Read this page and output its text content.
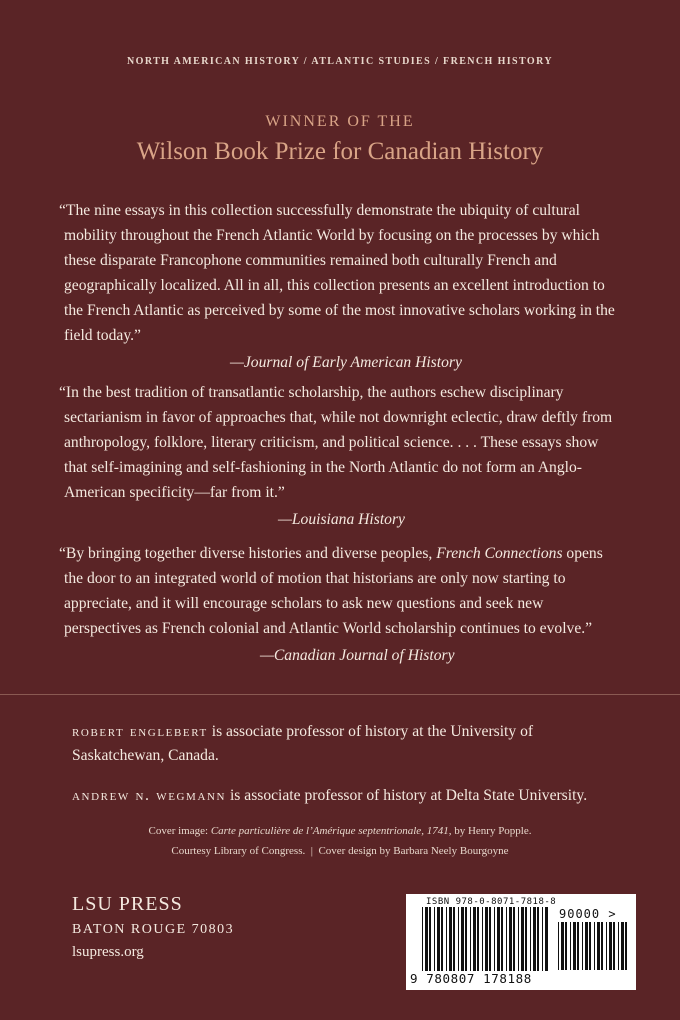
NORTH AMERICAN HISTORY / ATLANTIC STUDIES / FRENCH HISTORY
WINNER OF THE
Wilson Book Prize for Canadian History

“The nine essays in this collection successfully demonstrate the ubiquity of cultural mobility throughout the French Atlantic World by focusing on the processes by which these disparate Francophone communities remained both culturally French and geographically localized. All in all, this collection presents an excellent introduction to the French Atlantic as perceived by some of the most innovative scholars working in the field today.”

—Journal of Early American History

“In the best tradition of transatlantic scholarship, the authors eschew disciplinary sectarianism in favor of approaches that, while not downright eclectic, draw deftly from anthropology, folklore, literary criticism, and political science. . . . These essays show that self-imagining and self-fashioning in the North Atlantic do not form an Anglo-American specificity—far from it.”

—Louisiana History

“By bringing together diverse histories and diverse peoples, French Connections opens the door to an integrated world of motion that historians are only now starting to appreciate, and it will encourage scholars to ask new questions and seek new perspectives as French colonial and Atlantic World scholarship continues to evolve.”

—Canadian Journal of History
robert englebert is associate professor of history at the University of Saskatchewan, Canada.
andrew n. wegmann is associate professor of history at Delta State University.
Cover image: Carte particulière de l’Amérique septentrionale, 1741, by Henry Popple.
Courtesy Library of Congress. | Cover design by Barbara Neely Bourgoyne
LSU PRESS
BATON ROUGE 70803
lsupress.org
ISBN 978-0-8071-7818-8
90000 >
9 780807 178188
